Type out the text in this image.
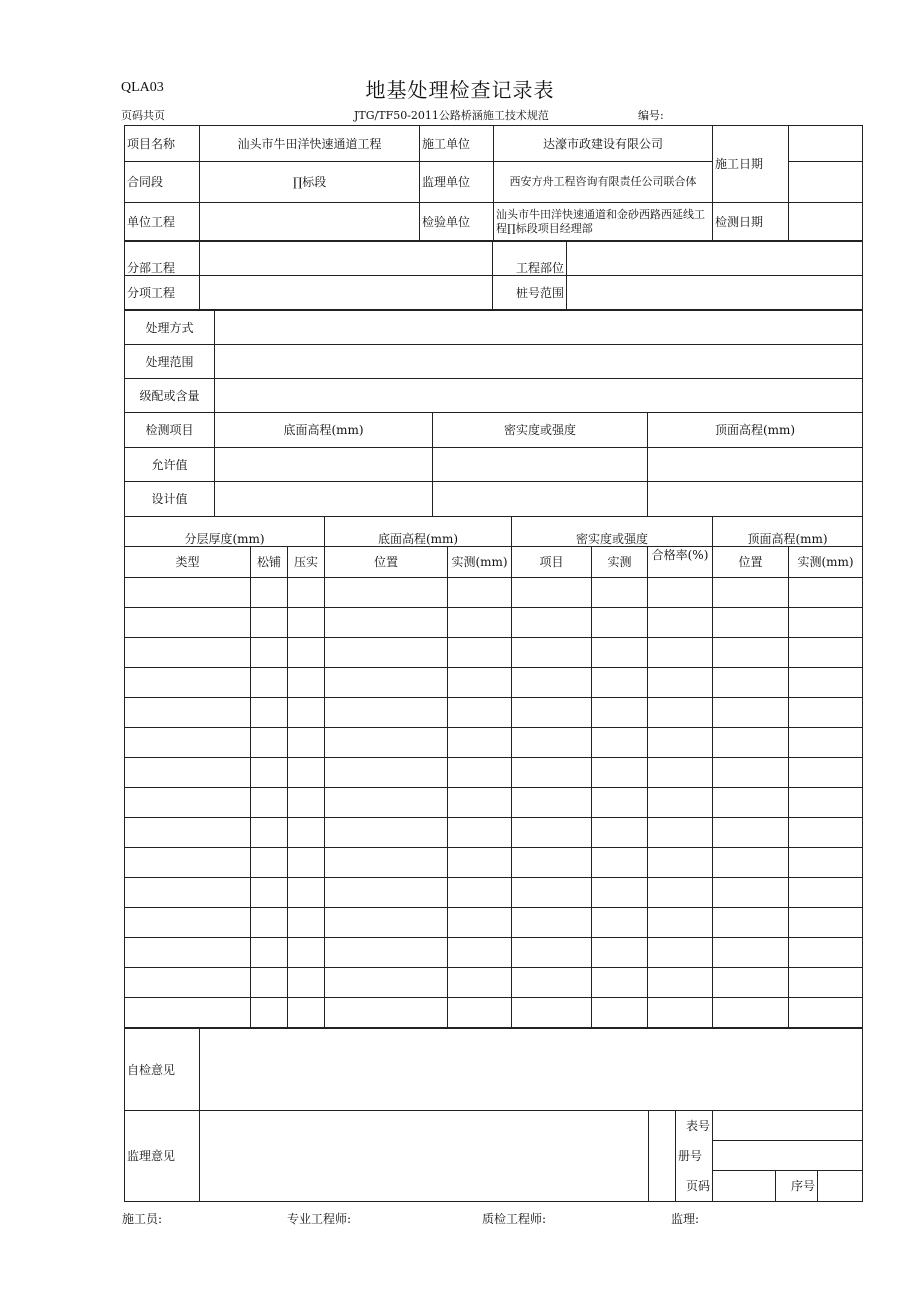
QLA03	地基处理检查记录表
页码共页	JTG/TF50-2011公路桥涵施工技术规范	编号:
项目名称	汕头市牛田洋快速通道工程	施工单位	达濠市政建设有限公司	施工日期	
合同段	∏标段	监理单位	西安方舟工程咨询有限责任公司联合体		
单位工程		检验单位	汕头市牛田洋快速通道和金砂西路西延线工程∏标段项目经理部	检测日期	
分部工程		工程部位	
分项工程		桩号范围	
处理方式			
处理范围			
级配或含量			
检测项目	底面高程(mm)	密实度或强度	顶面高程(mm)
允许值			
设计值			
分层厚度(mm)			底面高程(mm)		密实度或强度			顶面高程(mm)	
类型	松铺	压实	位置	实测(mm)	项目	实测	合格率(%)	位置	实测(mm)

自检意见						
监理意见			表号			
			册号			
			页码		序号	
施工员:	专业工程师:	质检工程师:	监理:
